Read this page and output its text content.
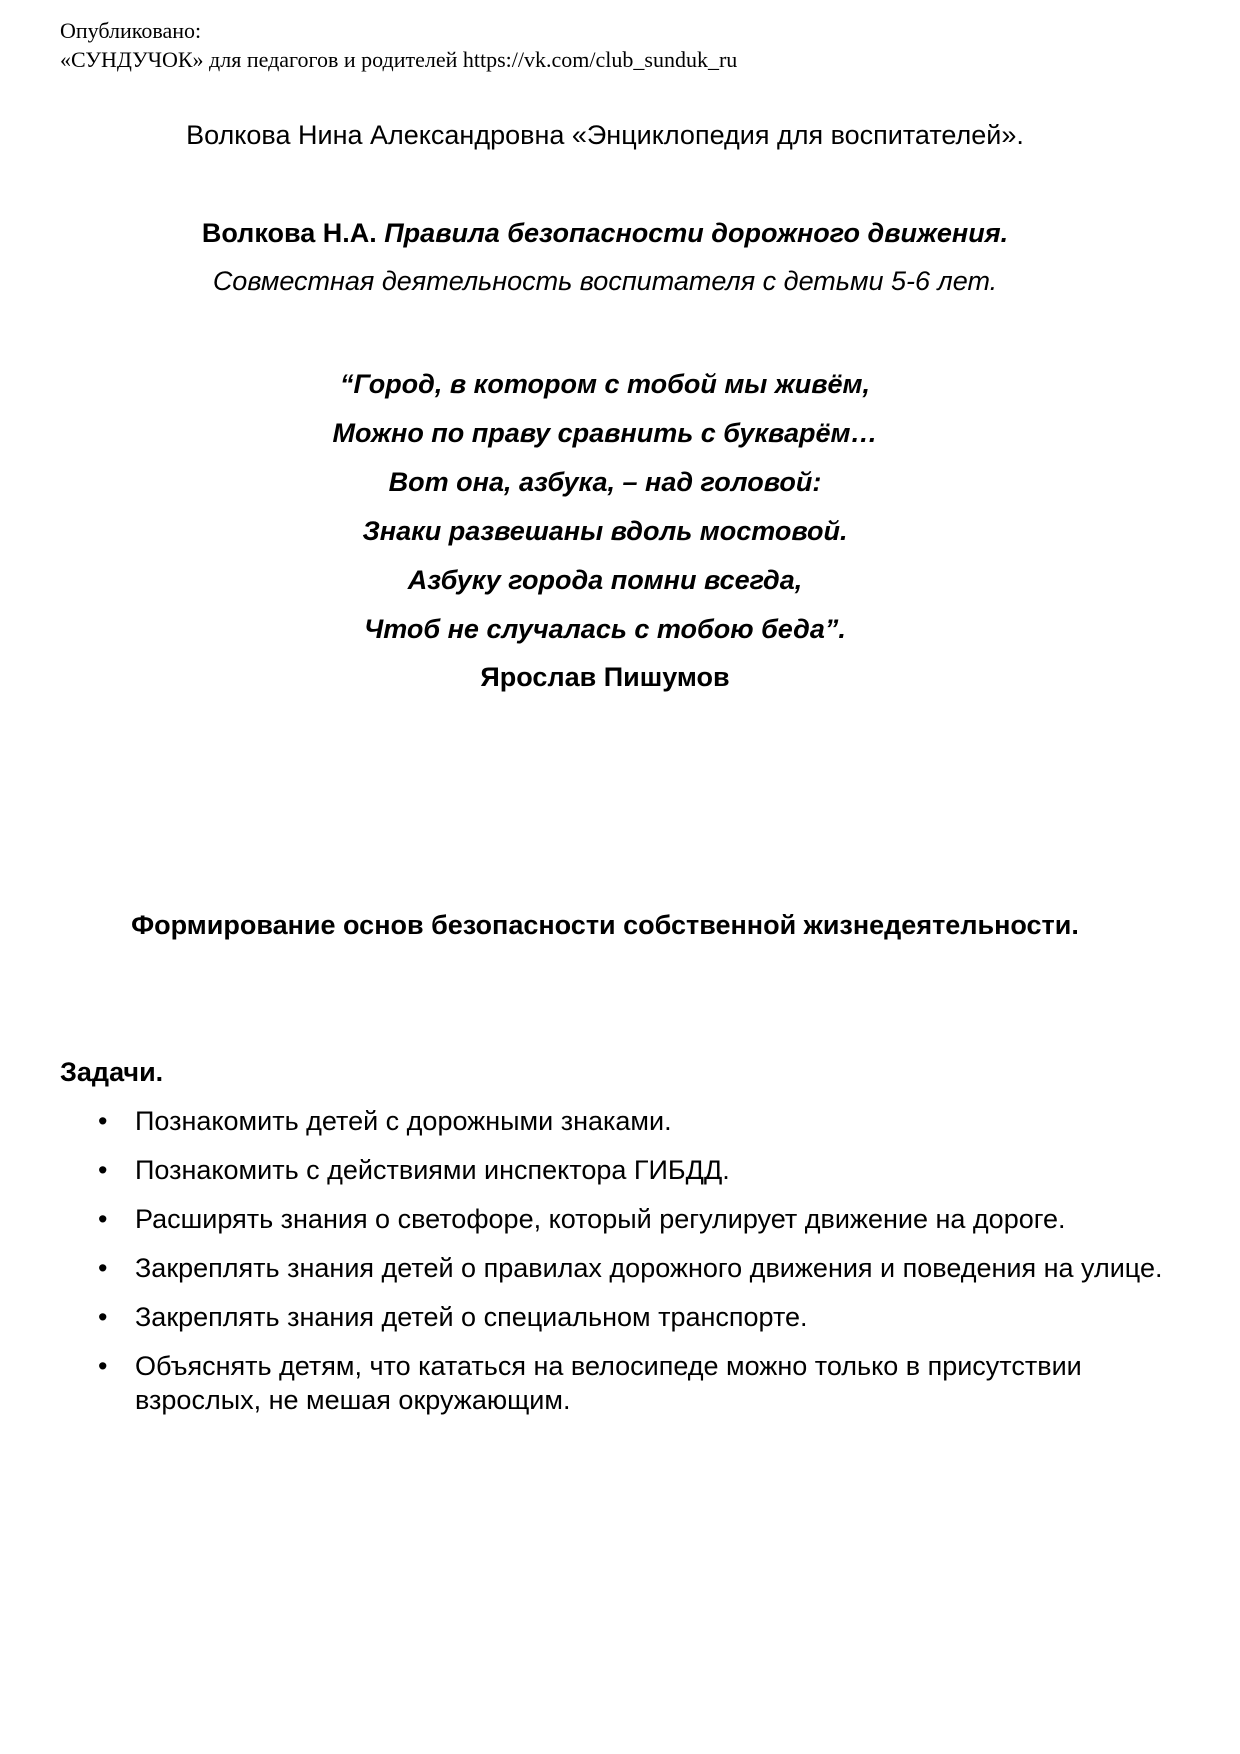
Опубликовано:
«СУНДУЧОК» для педагогов и родителей https://vk.com/club_sunduk_ru
Волкова Нина Александровна «Энциклопедия для воспитателей».
Волкова Н.А. Правила безопасности дорожного движения.
Совместная деятельность воспитателя с детьми 5-6 лет.
“Город, в котором с тобой мы живём,
Можно по праву сравнить с букварём…
Вот она, азбука, – над головой:
Знаки развешаны вдоль мостовой.
Азбуку города помни всегда,
Чтоб не случалась с тобою беда”.
Ярослав Пишумов
Формирование основ безопасности собственной жизнедеятельности.
Задачи.
• Познакомить детей с дорожными знаками.
• Познакомить с действиями инспектора ГИБДД.
• Расширять знания о светофоре, который регулирует движение на дороге.
• Закреплять знания детей о правилах дорожного движения и поведения на улице.
• Закреплять знания детей о специальном транспорте.
• Объяснять детям, что кататься на велосипеде можно только в присутствии взрослых, не мешая окружающим.
